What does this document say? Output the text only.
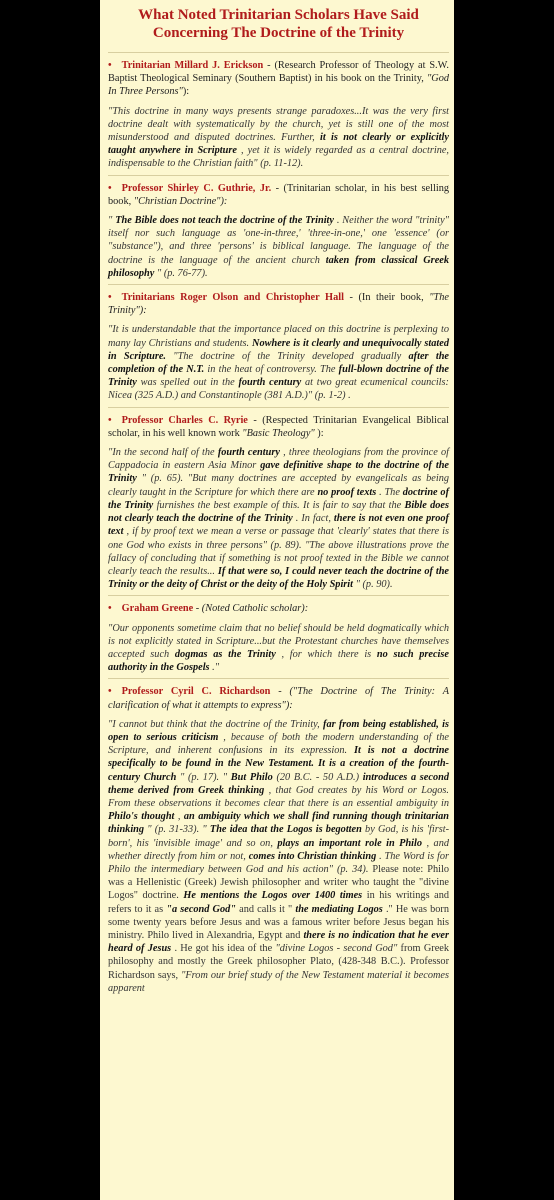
What Noted Trinitarian Scholars Have Said
Concerning The Doctrine of the Trinity

• Trinitarian Millard J. Erickson - (Research Professor of Theology at S.W. Baptist Theological Seminary (Southern Baptist) in his book on the Trinity, "God In Three Persons"):

"This doctrine in many ways presents strange paradoxes...It was the very first doctrine dealt with systematically by the church, yet is still one of the most misunderstood and disputed doctrines. Further, it is not clearly or explicitly taught anywhere in Scripture , yet it is widely regarded as a central doctrine, indispensable to the Christian faith" (p. 11-12).

• Professor Shirley C. Guthrie, Jr. - (Trinitarian scholar, in his best selling book, "Christian Doctrine"):

" The Bible does not teach the doctrine of the Trinity . Neither the word "trinity" itself nor such language as 'one-in-three,' 'three-in-one,' one 'essence' (or "substance"), and three 'persons' is biblical language. The language of the doctrine is the language of the ancient church taken from classical Greek philosophy " (p. 76-77).

• Trinitarians Roger Olson and Christopher Hall - (In their book, "The Trinity"):

"It is understandable that the importance placed on this doctrine is perplexing to many lay Christians and students. Nowhere is it clearly and unequivocally stated in Scripture. "The doctrine of the Trinity developed gradually after the completion of the N.T. in the heat of controversy. The full-blown doctrine of the Trinity was spelled out in the fourth century at two great ecumenical councils: Nicea (325 A.D.) and Constantinople (381 A.D.)" (p. 1-2) .

• Professor Charles C. Ryrie - (Respected Trinitarian Evangelical Biblical scholar, in his well known work "Basic Theology" ):

"In the second half of the fourth century , three theologians from the province of Cappadocia in eastern Asia Minor gave definitive shape to the doctrine of the Trinity " (p. 65). "But many doctrines are accepted by evangelicals as being clearly taught in the Scripture for which there are no proof texts . The doctrine of the Trinity furnishes the best example of this. It is fair to say that the Bible does not clearly teach the doctrine of the Trinity . In fact, there is not even one proof text , if by proof text we mean a verse or passage that 'clearly' states that there is one God who exists in three persons" (p. 89). "The above illustrations prove the fallacy of concluding that if something is not proof texted in the Bible we cannot clearly teach the results... If that were so, I could never teach the doctrine of the Trinity or the deity of Christ or the deity of the Holy Spirit " (p. 90).

• Graham Greene - (Noted Catholic scholar):

"Our opponents sometime claim that no belief should be held dogmatically which is not explicitly stated in Scripture...but the Protestant churches have themselves accepted such dogmas as the Trinity , for which there is no such precise authority in the Gospels ."

• Professor Cyril C. Richardson - ("The Doctrine of The Trinity: A clarification of what it attempts to express"):

"I cannot but think that the doctrine of the Trinity, far from being established, is open to serious criticism , because of both the modern understanding of the Scripture, and inherent confusions in its expression. It is not a doctrine specifically to be found in the New Testament. It is a creation of the fourth-century Church " (p. 17). " But Philo (20 B.C. - 50 A.D.) introduces a second theme derived from Greek thinking , that God creates by his Word or Logos. From these observations it becomes clear that there is an essential ambiguity in Philo's thought , an ambiguity which we shall find running though trinitarian thinking " (p. 31-33). " The idea that the Logos is begotten by God, is his 'first-born', his 'invisible image' and so on, plays an important role in Philo , and whether directly from him or not, comes into Christian thinking . The Word is for Philo the intermediary between God and his action" (p. 34). Please note: Philo was a Hellenistic (Greek) Jewish philosopher and writer who taught the "divine Logos" doctrine. He mentions the Logos over 1400 times in his writings and refers to it as "a second God" and calls it " the mediating Logos ." He was born some twenty years before Jesus and was a famous writer before Jesus began his ministry. Philo lived in Alexandria, Egypt and there is no indication that he ever heard of Jesus . He got his idea of the "divine Logos - second God" from Greek philosophy and mostly the Greek philosopher Plato, (428-348 B.C.). Professor Richardson says, "From our brief study of the New Testament material it becomes apparent
